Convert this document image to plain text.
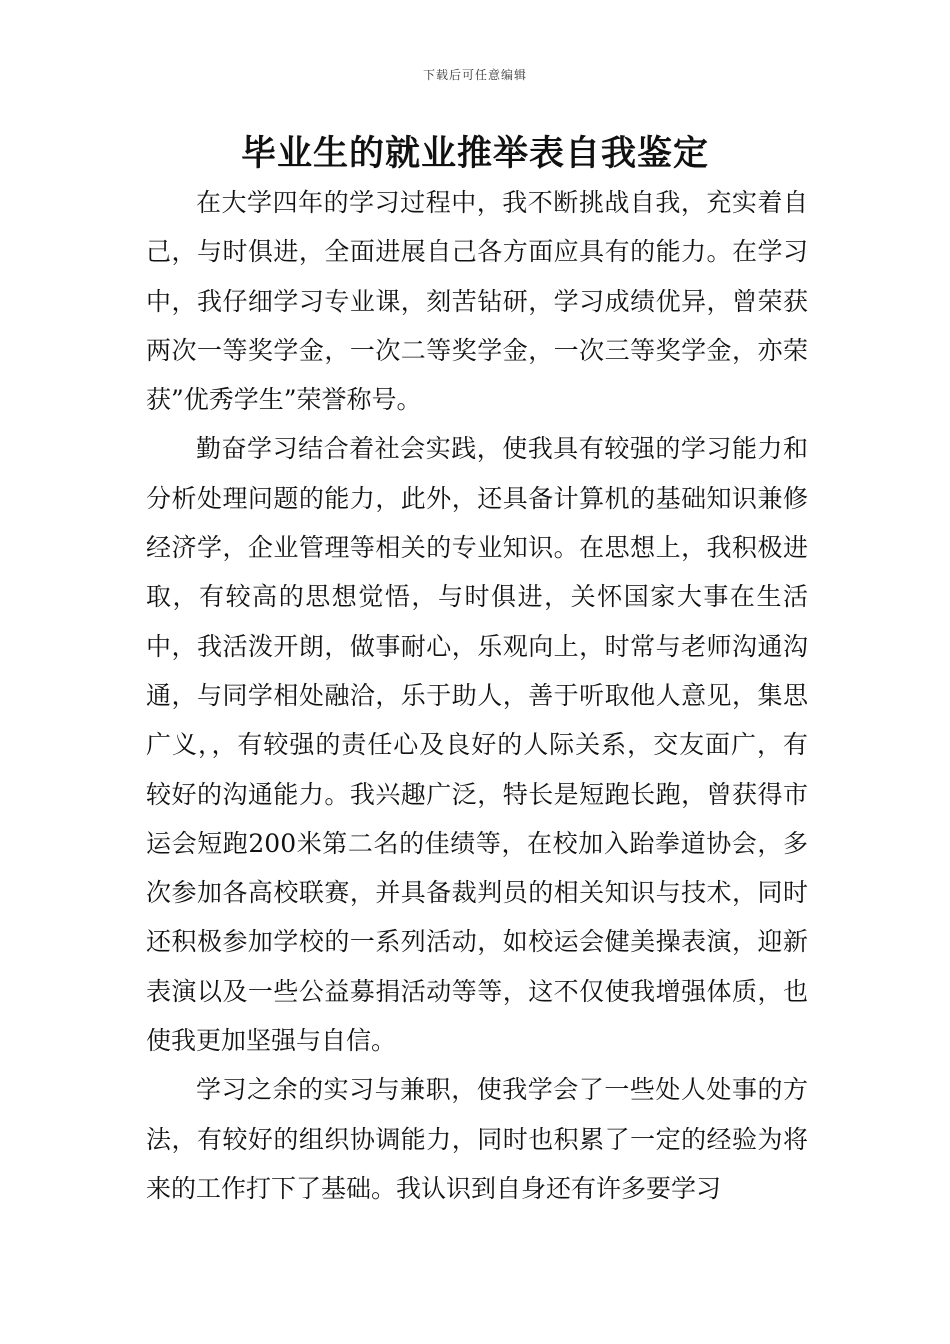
下载后可任意编辑
毕业生的就业推举表自我鉴定

在大学四年的学习过程中，我不断挑战自我，充实着自己，与时俱进，全面进展自己各方面应具有的能力。在学习中，我仔细学习专业课，刻苦钻研，学习成绩优异，曾荣获两次一等奖学金，一次二等奖学金，一次三等奖学金，亦荣获”优秀学生”荣誉称号。

勤奋学习结合着社会实践，使我具有较强的学习能力和分析处理问题的能力，此外，还具备计算机的基础知识兼修经济学，企业管理等相关的专业知识。在思想上，我积极进取，有较高的思想觉悟，与时俱进，关怀国家大事在生活中，我活泼开朗，做事耐心，乐观向上，时常与老师沟通沟通，与同学相处融洽，乐于助人，善于听取他人意见，集思广义，，有较强的责任心及良好的人际关系，交友面广，有较好的沟通能力。我兴趣广泛，特长是短跑长跑，曾获得市运会短跑200米第二名的佳绩等，在校加入跆拳道协会，多次参加各高校联赛，并具备裁判员的相关知识与技术，同时还积极参加学校的一系列活动，如校运会健美操表演，迎新表演以及一些公益募捐活动等等，这不仅使我增强体质，也使我更加坚强与自信。

学习之余的实习与兼职，使我学会了一些处人处事的方法，有较好的组织协调能力，同时也积累了一定的经验为将来的工作打下了基础。我认识到自身还有许多要学习
